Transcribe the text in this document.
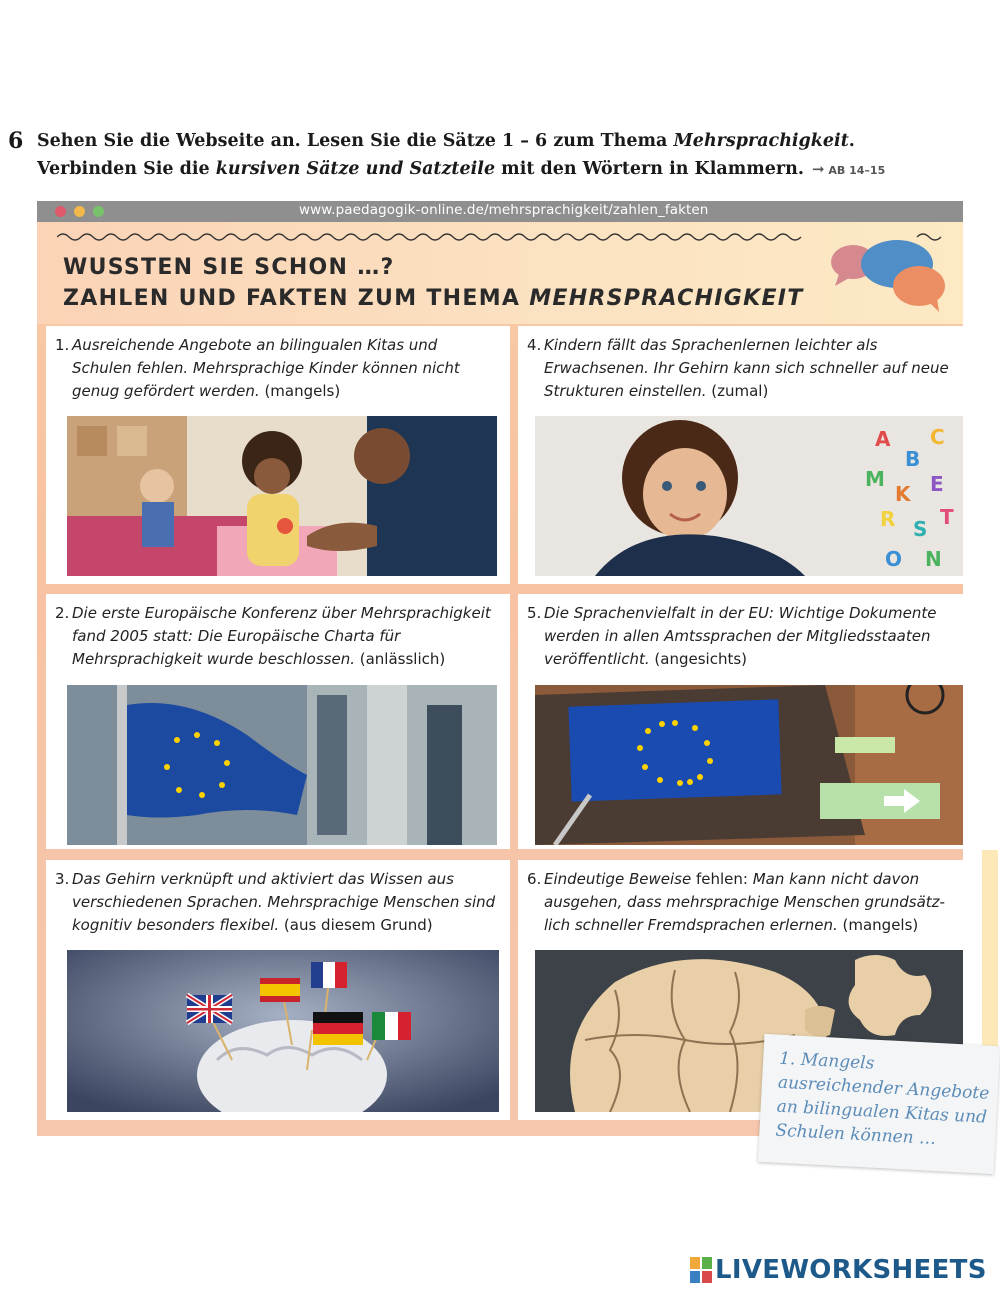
6 Sehen Sie die Webseite an. Lesen Sie die Sätze 1 – 6 zum Thema Mehrsprachigkeit.
Verbinden Sie die kursiven Sätze und Satzteile mit den Wörtern in Klammern. ➞ AB 14–15
www.paedagogik-online.de/mehrsprachigkeit/zahlen_fakten
WUSSTEN SIE SCHON …?
ZAHLEN UND FAKTEN ZUM THEMA MEHRSPRACHIGKEIT
1. Ausreichende Angebote an bilingualen Kitas und Schulen fehlen. Mehrsprachige Kinder können nicht genug gefördert werden. (mangels)
2. Die erste Europäische Konferenz über Mehrsprachigkeit fand 2005 statt: Die Europäische Charta für Mehrsprachigkeit wurde beschlossen. (anlässlich)
3. Das Gehirn verknüpft und aktiviert das Wissen aus verschiedenen Sprachen. Mehrsprachige Menschen sind kognitiv besonders flexibel. (aus diesem Grund)
4. Kindern fällt das Sprachenlernen leichter als Erwachsenen. Ihr Gehirn kann sich schneller auf neue Strukturen einstellen. (zumal)
A
B
C
M
K E
R S T
O N
5. Die Sprachenvielfalt in der EU: Wichtige Dokumente werden in allen Amtssprachen der Mitgliedsstaaten veröffentlicht. (angesichts)
6. Eindeutige Beweise fehlen: Man kann nicht davon ausgehen, dass mehrsprachige Menschen grundsätzlich schneller Fremdsprachen erlernen. (mangels)
1. Mangels ausreichender Angebote an bilingualen Kitas und Schulen können …
LIVEWORKSHEETS
